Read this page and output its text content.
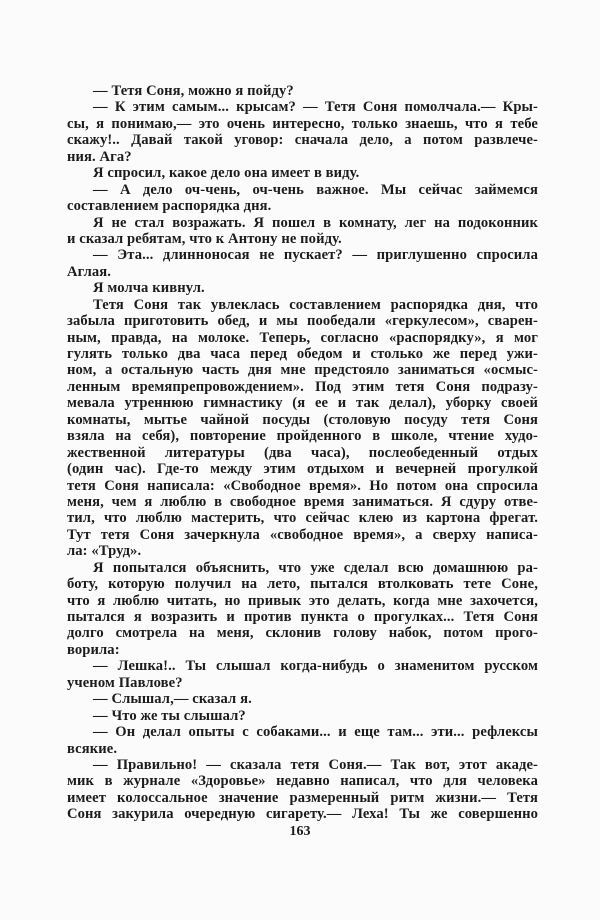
— Тетя Соня, можно я пойду?
— К этим самым... крысам? — Тетя Соня помолчала.— Кры-
сы, я понимаю,— это очень интересно, только знаешь, что я тебе
скажу!.. Давай такой уговор: сначала дело, а потом развлече-
ния. Ага?
Я спросил, какое дело она имеет в виду.
— А дело оч-чень, оч-чень важное. Мы сейчас займемся
составлением распорядка дня.
Я не стал возражать. Я пошел в комнату, лег на подоконник
и сказал ребятам, что к Антону не пойду.
— Эта... длинноносая не пускает? — приглушенно спросила
Аглая.
Я молча кивнул.
Тетя Соня так увлеклась составлением распорядка дня, что
забыла приготовить обед, и мы пообедали «геркулесом», сварен-
ным, правда, на молоке. Теперь, согласно «распорядку», я мог
гулять только два часа перед обедом и столько же перед ужи-
ном, а остальную часть дня мне предстояло заниматься «осмыс-
ленным времяпрепровождением». Под этим тетя Соня подразу-
мевала утреннюю гимнастику (я ее и так делал), уборку своей
комнаты, мытье чайной посуды (столовую посуду тетя Соня
взяла на себя), повторение пройденного в школе, чтение худо-
жественной литературы (два часа), послеобеденный отдых
(один час). Где-то между этим отдыхом и вечерней прогулкой
тетя Соня написала: «Свободное время». Но потом она спросила
меня, чем я люблю в свободное время заниматься. Я сдуру отве-
тил, что люблю мастерить, что сейчас клею из картона фрегат.
Тут тетя Соня зачеркнула «свободное время», а сверху написа-
ла: «Труд».
Я попытался объяснить, что уже сделал всю домашнюю ра-
боту, которую получил на лето, пытался втолковать тете Соне,
что я люблю читать, но привык это делать, когда мне захочется,
пытался я возразить и против пункта о прогулках... Тетя Соня
долго смотрела на меня, склонив голову набок, потом прого-
ворила:
— Лешка!.. Ты слышал когда-нибудь о знаменитом русском
ученом Павлове?
— Слышал,— сказал я.
— Что же ты слышал?
— Он делал опыты с собаками... и еще там... эти... рефлексы
всякие.
— Правильно! — сказала тетя Соня.— Так вот, этот акаде-
мик в журнале «Здоровье» недавно написал, что для человека
имеет колоссальное значение размеренный ритм жизни.— Тетя
Соня закурила очередную сигарету.— Леха! Ты же совершенно
163
